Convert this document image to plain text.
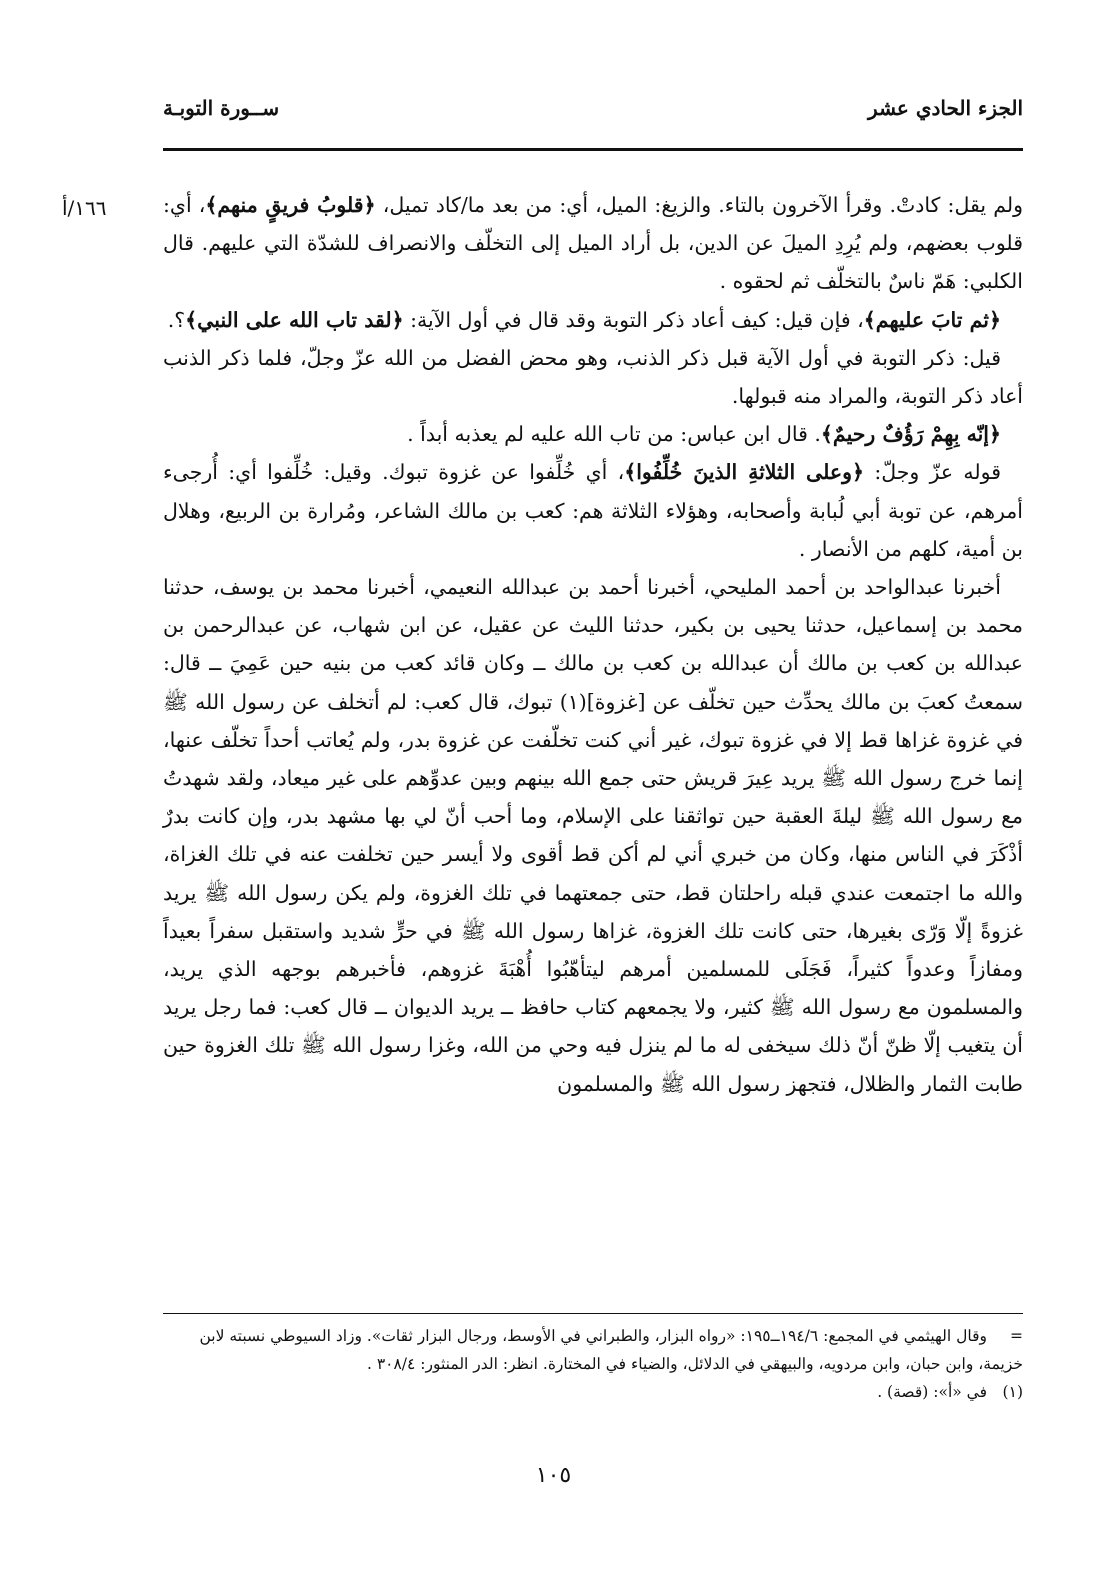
الجزء الحادي عشر
ســورة التوبـة
١٦٦/أ	ولم يقل: كادتْ. وقرأ الآخرون بالتاء. والزيغ: الميل، أي: من بعد ما/كاد تميل، ﴿قلوبُ فريقٍ منهم﴾، أي: قلوب بعضهم، ولم يُرِدِ الميلَ عن الدين، بل أراد الميل إلى التخلّف والانصراف للشدّة التي عليهم. قال الكلبي: هَمّ ناسٌ بالتخلّف ثم لحقوه .

﴿ثم تابَ عليهم﴾، فإن قيل: كيف أعاد ذكر التوبة وقد قال في أول الآية: ﴿لقد تاب الله على النبي﴾؟.

قيل: ذكر التوبة في أول الآية قبل ذكر الذنب، وهو محض الفضل من الله عزّ وجلّ، فلما ذكر الذنب أعاد ذكر التوبة، والمراد منه قبولها.

﴿إنّه بِهِمْ رَؤُفٌ رحيمٌ﴾. قال ابن عباس: من تاب الله عليه لم يعذبه أبداً .

قوله عزّ وجلّ: ﴿وعلى الثلاثةِ الذينَ خُلِّفُوا﴾، أي خُلِّفوا عن غزوة تبوك. وقيل: خُلِّفوا أي: أُرجىء أمرهم، عن توبة أبي لُبابة وأصحابه، وهؤلاء الثلاثة هم: كعب بن مالك الشاعر، ومُرارة بن الربيع، وهلال بن أمية، كلهم من الأنصار .

أخبرنا عبدالواحد بن أحمد المليحي، أخبرنا أحمد بن عبدالله النعيمي، أخبرنا محمد بن يوسف، حدثنا محمد بن إسماعيل، حدثنا يحيى بن بكير، حدثنا الليث عن عقيل، عن ابن شهاب، عن عبدالرحمن بن عبدالله بن كعب بن مالك أن عبدالله بن كعب بن مالك ــ وكان قائد كعب من بنيه حين عَمِيَ ــ قال: سمعتُ كعبَ بن مالك يحدِّث حين تخلّف عن [غزوة](١) تبوك، قال كعب: لم أتخلف عن رسول الله ﷺ في غزوة غزاها قط إلا في غزوة تبوك، غير أني كنت تخلّفت عن غزوة بدر، ولم يُعاتب أحداً تخلّف عنها، إنما خرج رسول الله ﷺ يريد عِيرَ قريش حتى جمع الله بينهم وبين عدوِّهم على غير ميعاد، ولقد شهدتُ مع رسول الله ﷺ ليلةَ العقبة حين تواثقنا على الإسلام، وما أحب أنّ لي بها مشهد بدر، وإن كانت بدرٌ أذْكَرَ في الناس منها، وكان من خبري أني لم أكن قط أقوى ولا أيسر حين تخلفت عنه في تلك الغزاة، والله ما اجتمعت عندي قبله راحلتان قط، حتى جمعتهما في تلك الغزوة، ولم يكن رسول الله ﷺ يريد غزوةً إلّا وَرّى بغيرها، حتى كانت تلك الغزوة، غزاها رسول الله ﷺ في حرٍّ شديد واستقبل سفراً بعيداً ومفازاً وعدواً كثيراً، فَجَلَى للمسلمين أمرهم ليتأهّبُوا أُهْبَةَ غزوهم، فأخبرهم بوجهه الذي يريد، والمسلمون مع رسول الله ﷺ كثير، ولا يجمعهم كتاب حافظ ــ يريد الديوان ــ قال كعب: فما رجل يريد أن يتغيب إلّا ظنّ أنّ ذلك سيخفى له ما لم ينزل فيه وحي من الله، وغزا رسول الله ﷺ تلك الغزوة حين طابت الثمار والظلال، فتجهز رسول الله ﷺ والمسلمون

=وقال الهيثمي في المجمع: ١٩٤/٦ــ١٩٥: «رواه البزار، والطبراني في الأوسط، ورجال البزار ثقات». وزاد السيوطي نسبته لابن خزيمة، وابن حبان، وابن مردويه، والبيهقي في الدلائل، والضياء في المختارة. انظر: الدر المنثور: ٣٠٨/٤ .

(١)في «أ»: (قصة) .

١٠٥
